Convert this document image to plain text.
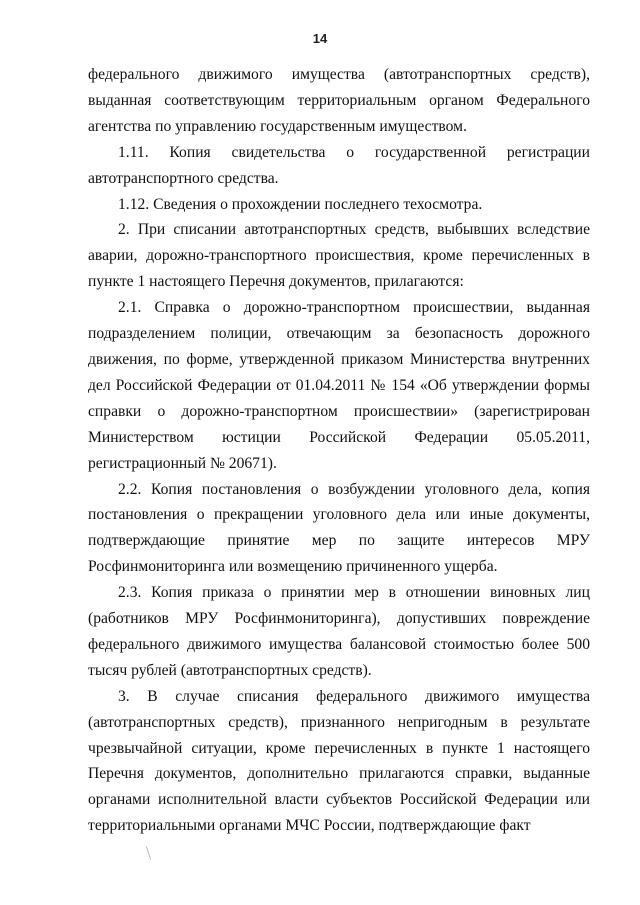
14

федерального движимого имущества (автотранспортных средств), выданная соответствующим территориальным органом Федерального агентства по управлению государственным имуществом.

1.11. Копия свидетельства о государственной регистрации автотранспортного средства.

1.12. Сведения о прохождении последнего техосмотра.

2. При списании автотранспортных средств, выбывших вследствие аварии, дорожно-транспортного происшествия, кроме перечисленных в пункте 1 настоящего Перечня документов, прилагаются:

2.1. Справка о дорожно-транспортном происшествии, выданная подразделением полиции, отвечающим за безопасность дорожного движения, по форме, утвержденной приказом Министерства внутренних дел Российской Федерации от 01.04.2011 № 154 «Об утверждении формы справки о дорожно-транспортном происшествии» (зарегистрирован Министерством юстиции Российской Федерации 05.05.2011, регистрационный № 20671).

2.2. Копия постановления о возбуждении уголовного дела, копия постановления о прекращении уголовного дела или иные документы, подтверждающие принятие мер по защите интересов МРУ Росфинмониторинга или возмещению причиненного ущерба.

2.3. Копия приказа о принятии мер в отношении виновных лиц (работников МРУ Росфинмониторинга), допустивших повреждение федерального движимого имущества балансовой стоимостью более 500 тысяч рублей (автотранспортных средств).

3. В случае списания федерального движимого имущества (автотранспортных средств), признанного непригодным в результате чрезвычайной ситуации, кроме перечисленных в пункте 1 настоящего Перечня документов, дополнительно прилагаются справки, выданные органами исполнительной власти субъектов Российской Федерации или территориальными органами МЧС России, подтверждающие факт
